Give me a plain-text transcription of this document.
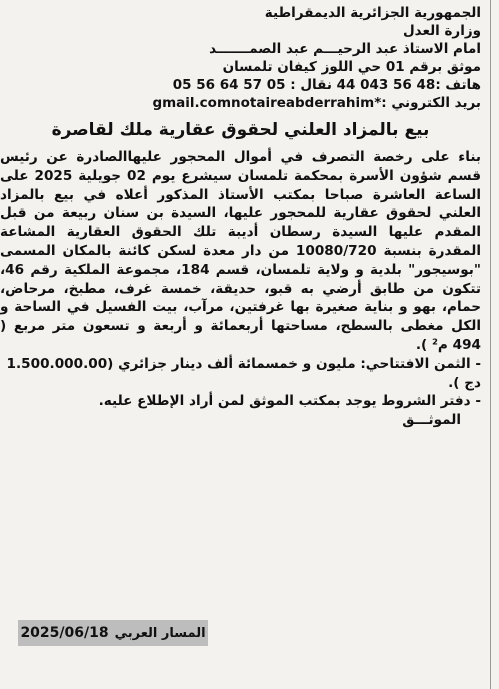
الجمهورية الجزائرية الديمقراطية
وزارة العدل
امام الاستاذ عبد الرحيـــم عبد الصمـــــــد
موثق برقم 01 حي اللوز كيفان تلمسان
هاتف :48 56 043 44 نقال : 05 57 64 56 05
بريد الكتروني :*gmail.comnotaireabderrahim
بيع بالمزاد العلني لحقوق عقارية ملك لقاصرة

بناء على رخصة التصرف في أموال المحجور عليهاالصادرة عن رئيس قسم شؤون الأسرة بمحكمة تلمسان سيشرع يوم 02 جويلية 2025 على الساعة العاشرة صباحا بمكتب الأستاذ المذكور أعلاه في بيع بالمزاد العلني لحقوق عقارية للمحجور عليها، السيدة بن سنان ربيعة من قبل المقدم عليها السيدة رسطان أديبة تلك الحقوق العقارية المشاعة المقدرة بنسبة 10080/720 من دار معدة لسكن كائنة بالمكان المسمى "بوسيجور" بلدية و ولاية تلمسان، قسم 184، مجموعة الملكية رقم 46، تتكون من طابق أرضي به قبو، حديقة، خمسة غرف، مطبخ، مرحاض، حمام، بهو و بناية صغيرة بها غرفتين، مرآب، بيت الفسيل في الساحة و الكل مغطى بالسطح، مساحتها أربعمائة و أربعة و تسعون متر مربع ( 494 م² ).

- الثمن الافتتاحي: مليون و خمسمائة ألف دينار جزائري (1.500.000.00 دج ).

- دفتر الشروط يوجد بمكتب الموثق لمن أراد الإطلاع عليه.

الموثـــق
المسار العربي2025/06/18
